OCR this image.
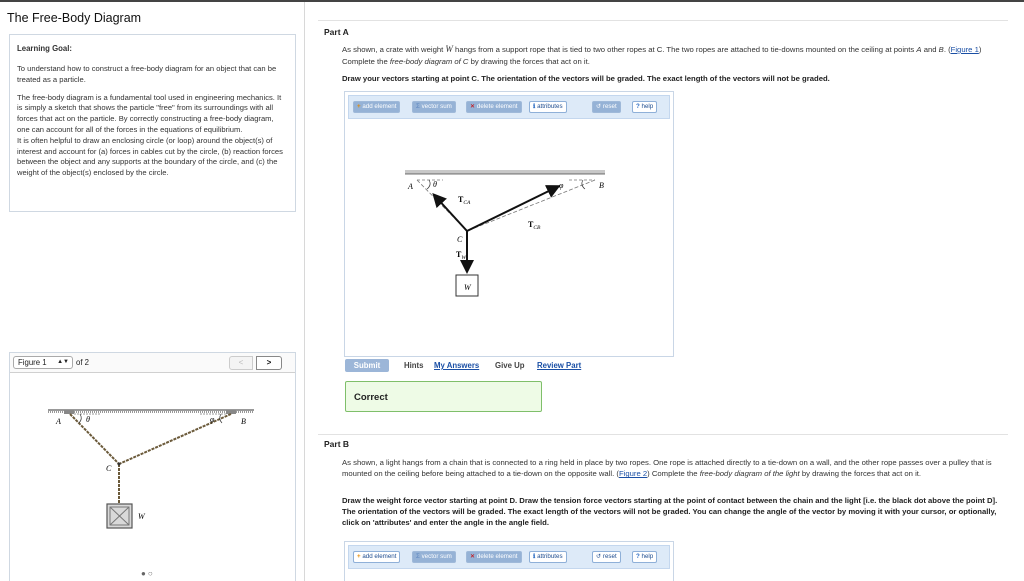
The Free-Body Diagram
Learning Goal:

To understand how to construct a free-body diagram for an object that can be treated as a particle.

The free-body diagram is a fundamental tool used in engineering mechanics. It is simply a sketch that shows the particle "free" from its surroundings with all forces that act on the particle. By correctly constructing a free-body diagram, one can account for all of the forces in the equations of equilibrium.

It is often helpful to draw an enclosing circle (or loop) around the object(s) of interest and account for (a) forces in cables cut by the circle, (b) reaction forces between the object and any supports at the boundary of the circle, and (c) the weight of the object(s) enclosed by the circle.

Figure 1 ▲▼ of 2	<	>
A	θ	φ	B
C
W
●○
Part A
As shown, a crate with weight W hangs from a support rope that is tied to two other ropes at C. The two ropes are attached to tie-downs mounted on the ceiling at points A and B. (Figure 1) Complete the free-body diagram of C by drawing the forces that act on it.
Draw your vectors starting at point C. The orientation of the vectors will be graded. The exact length of the vectors will not be graded.
+ add element	Σ vector sum	✕ delete element	ℹ attributes	↺ reset	? help
A	θ	φ	B
C
W
$T_{CA}$
$T_{CB}$
$T_W$
Submit	Hints My Answers Give Up Review Part
Correct
Part B
As shown, a light hangs from a chain that is connected to a ring held in place by two ropes. One rope is attached directly to a tie-down on a wall, and the other rope passes over a pulley that is mounted on the ceiling before being attached to a tie-down on the opposite wall. (Figure 2) Complete the free-body diagram of the light by drawing the forces that act on it.
Draw the weight force vector starting at point D. Draw the tension force vectors starting at the point of contact between the chain and the light [i.e. the black dot above the point D]. The orientation of the vectors will be graded. The exact length of the vectors will not be graded. You can change the angle of the vector by moving it with your cursor, or optionally, click on 'attributes' and enter the angle in the angle field.
+ add element	Σ vector sum	✕ delete element	ℹ attributes	↺ reset	? help
